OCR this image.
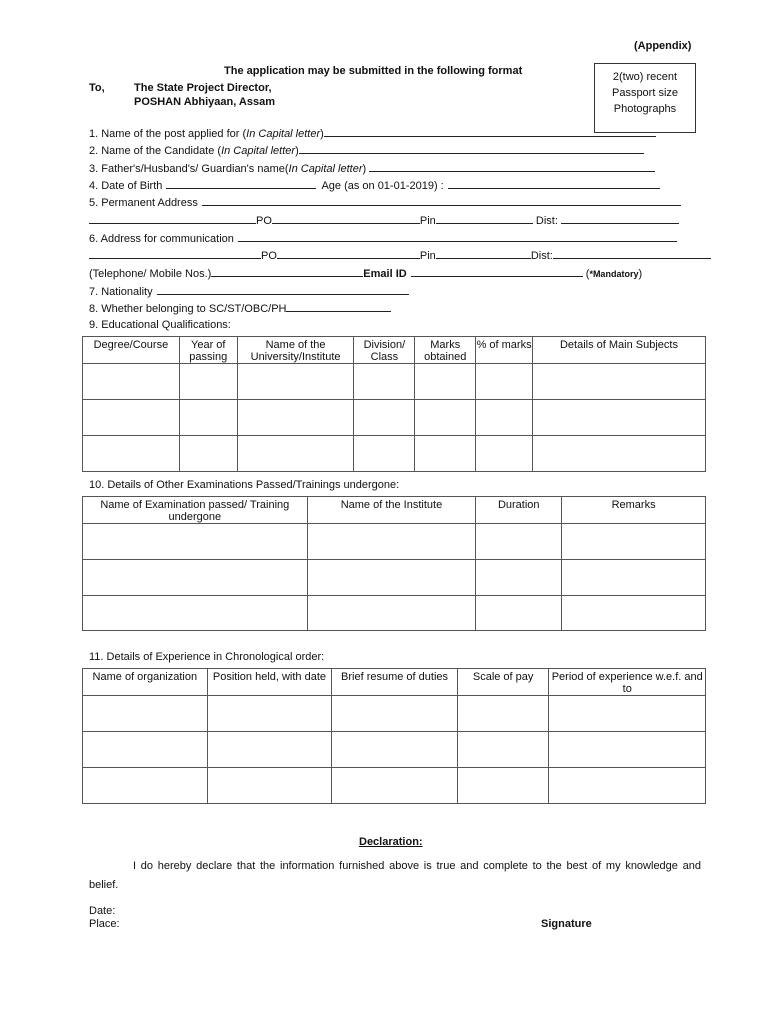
(Appendix)
The application may be submitted in the following format
To,	The State Project Director,
POSHAN Abhiyaan, Assam
2(two) recent
Passport size
Photographs
1. Name of the post applied for (In Capital letter)
2. Name of the Candidate (In Capital letter)
3. Father's/Husband's/ Guardian's name(In Capital letter)
4. Date of Birth	Age (as on 01-01-2019) :
5. Permanent Address
PO	Pin	Dist:
6. Address for communication
PO	Pin	Dist:
(Telephone/ Mobile Nos.)	Email ID	(*Mandatory)
7. Nationality
8. Whether belonging to SC/ST/OBC/PH
9. Educational Qualifications:
Degree/Course	Year of passing	Name of the University/Institute	Division/ Class	Marks obtained	% of marks	Details of Main Subjects

10. Details of Other Examinations Passed/Trainings undergone:
Name of Examination passed/ Training undergone	Name of the Institute	Duration	Remarks

11. Details of Experience in Chronological order:
Name of organization	Position held, with date	Brief resume of duties	Scale of pay	Period of experience w.e.f. and to

Declaration:
I do hereby declare that the information furnished above is true and complete to the best of my knowledge and belief.
Date:
Place:	Signature
